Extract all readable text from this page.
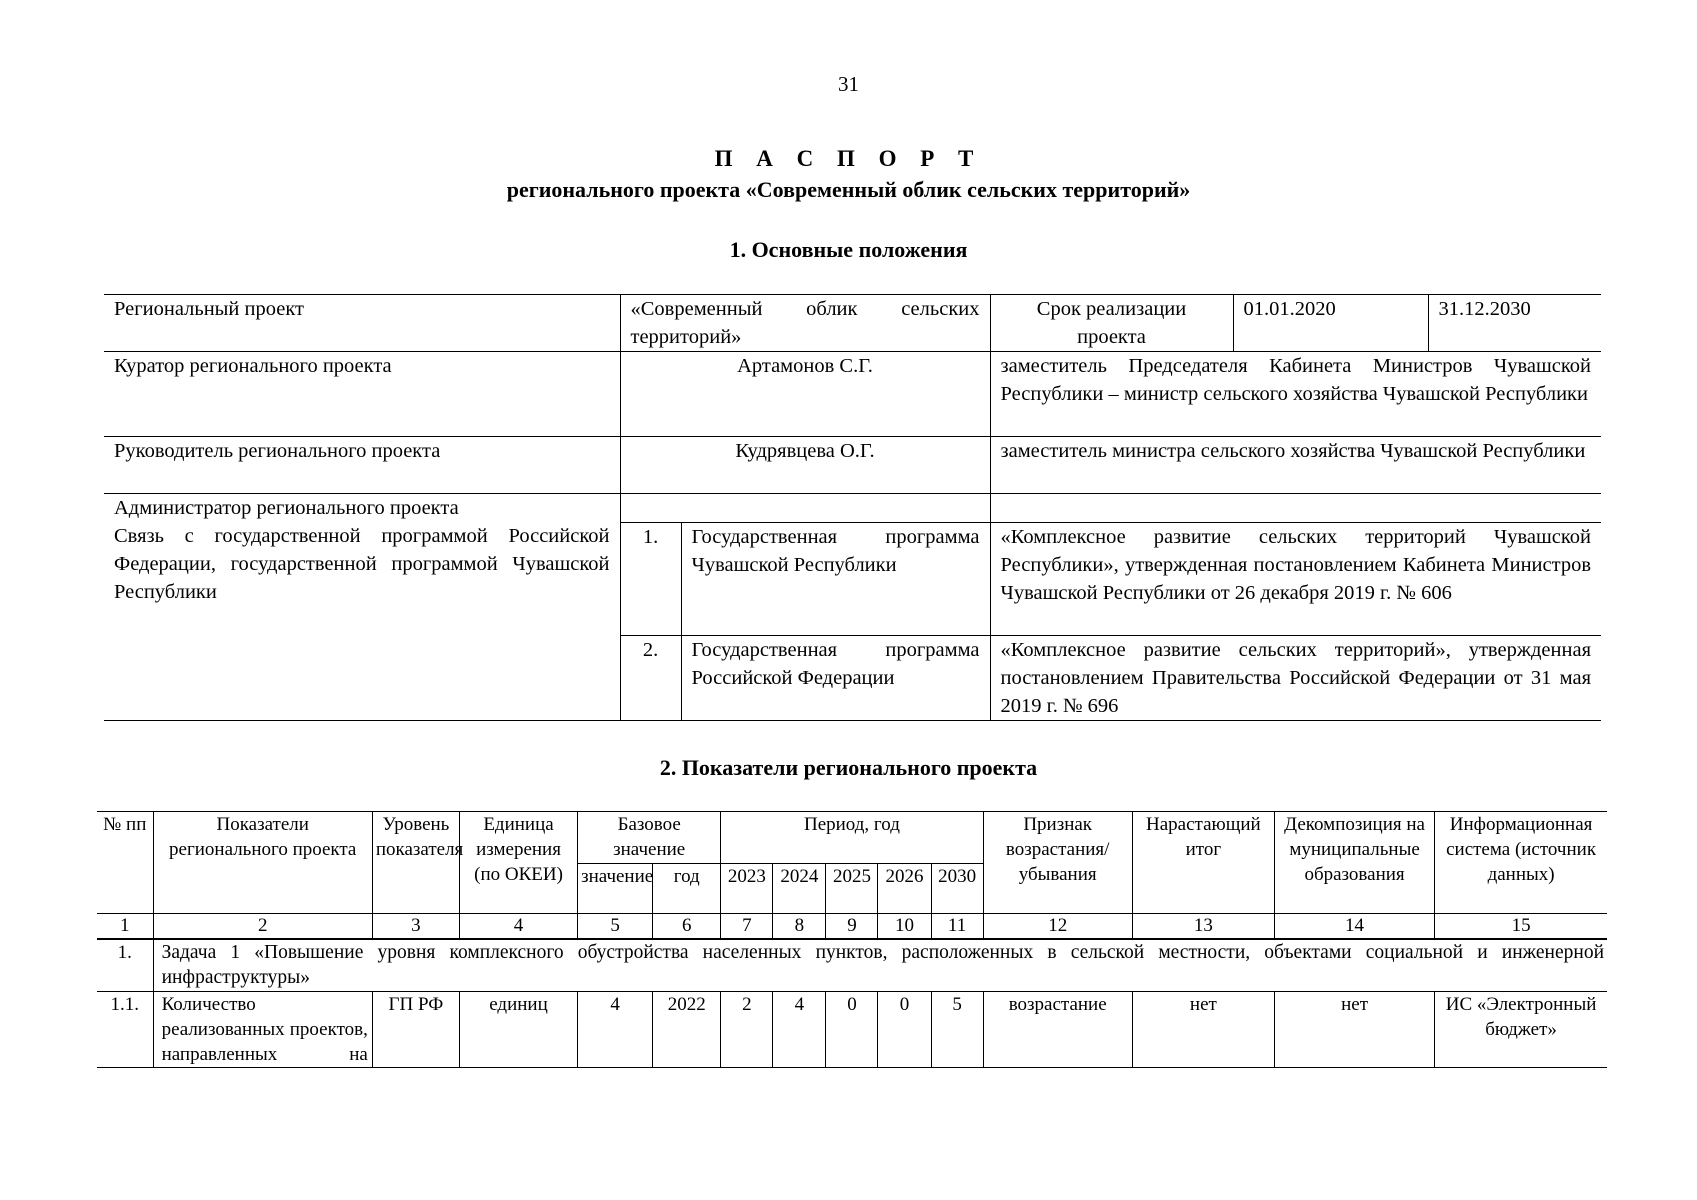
31
П А С П О Р Т
регионального проекта «Современный облик сельских территорий»
1. Основные положения
Региональный проект	«Современный облик сельских территорий»		Срок реализации проекта	01.01.2020	31.12.2030
Куратор регионального проекта	Артамонов С.Г.		заместитель Председателя Кабинета Министров Чувашской Республики – министр сельского хозяйства Чувашской Республики		
Руководитель регионального проекта	Кудрявцева О.Г.		заместитель министра сельского хозяйства Чувашской Республики		
Администратор регионального проекта					
Связь с государственной программой Российской Федерации, государственной программой Чувашской Республики	1.	Государственная программа Чувашской Республики	«Комплексное развитие сельских территорий Чувашской Республики», утвержденная постановлением Кабинета Министров Чувашской Республики от 26 декабря 2019 г. № 606		
	2.	Государственная программа Российской Федерации	«Комплексное развитие сельских территорий», утвержденная постановлением Правительства Российской Федерации от 31 мая 2019 г. № 696		
2. Показатели регионального проекта
№ пп	Показатели регионального проекта	Уровень показателя	Единица измерения (по ОКЕИ)	Базовое значение		Период, год					Признак возрастания/ убывания	Нарастающий итог	Декомпозиция на муниципальные образования	Информационная система (источник данных)
				значение	год	2023	2024	2025	2026	2030				
1	2	3	4	5	6	7	8	9	10	11	12	13	14	15
1.	Задача 1 «Повышение уровня комплексного обустройства населенных пунктов, расположенных в сельской местности, объектами социальной и инженерной инфраструктуры»													
1.1.	Количество реализованных проектов, направленных на	ГП РФ	единиц	4	2022	2	4	0	0	5	возрастание	нет	нет	ИС «Электронный бюджет»
